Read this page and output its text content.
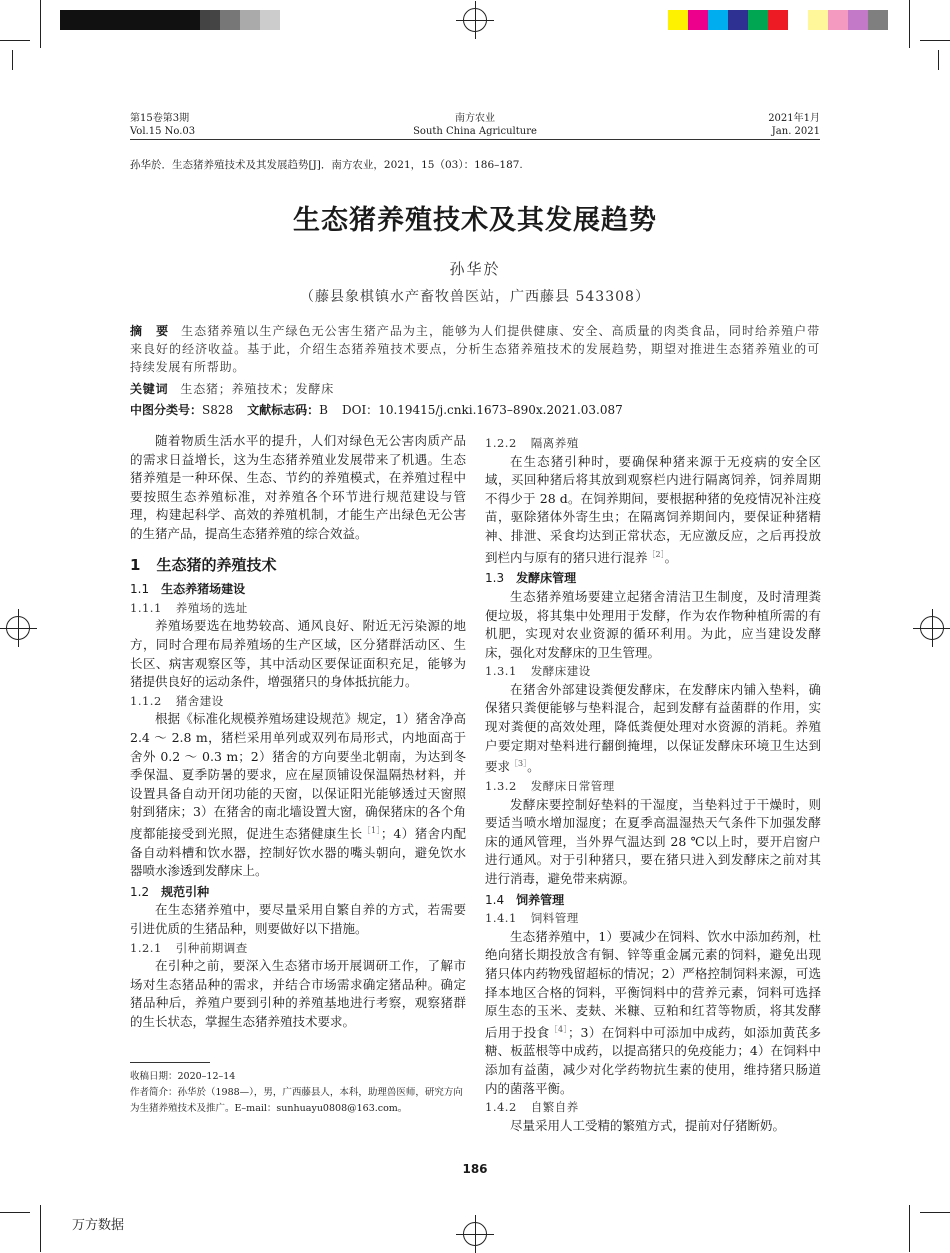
第15卷第3期
Vol.15 No.03
南方农业
South China Agriculture
2021年1月
Jan. 2021
孙华於．生态猪养殖技术及其发展趋势[J]．南方农业，2021，15（03）：186–187.
生态猪养殖技术及其发展趋势
孙华於
（藤县象棋镇水产畜牧兽医站，广西藤县 543308）
摘　要 生态猪养殖以生产绿色无公害生猪产品为主，能够为人们提供健康、安全、高质量的肉类食品，同时给养殖户带来良好的经济收益。基于此，介绍生态猪养殖技术要点，分析生态猪养殖技术的发展趋势，期望对推进生态猪养殖业的可持续发展有所帮助。
关键词 生态猪；养殖技术；发酵床
中图分类号：S828 文献标志码：B DOI：10.19415/j.cnki.1673–890x.2021.03.087

随着物质生活水平的提升，人们对绿色无公害肉质产品的需求日益增长，这为生态猪养殖业发展带来了机遇。生态猪养殖是一种环保、生态、节约的养殖模式，在养殖过程中要按照生态养殖标准，对养殖各个环节进行规范建设与管理，构建起科学、高效的养殖机制，才能生产出绿色无公害的生猪产品，提高生态猪养殖的综合效益。

1 生态猪的养殖技术
1.1 生态养猪场建设
1.1.1 养殖场的选址

养殖场要选在地势较高、通风良好、附近无污染源的地方，同时合理布局养殖场的生产区域，区分猪群活动区、生长区、病害观察区等，其中活动区要保证面积充足，能够为猪提供良好的运动条件，增强猪只的身体抵抗能力。

1.1.2 猪舍建设

根据《标准化规模养殖场建设规范》规定，1）猪舍净高 2.4 ～ 2.8 m，猪栏采用单列或双列布局形式，内地面高于舍外 0.2 ～ 0.3 m；2）猪舍的方向要坐北朝南，为达到冬季保温、夏季防暑的要求，应在屋顶铺设保温隔热材料，并设置具备自动开闭功能的天窗，以保证阳光能够透过天窗照射到猪床；3）在猪舍的南北墙设置大窗，确保猪床的各个角度都能接受到光照，促进生态猪健康生长$^{[1]}$；4）猪舍内配备自动料槽和饮水器，控制好饮水器的嘴头朝向，避免饮水器喷水渗透到发酵床上。

1.2 规范引种

在生态猪养殖中，要尽量采用自繁自养的方式，若需要引进优质的生猪品种，则要做好以下措施。

1.2.1 引种前期调查

在引种之前，要深入生态猪市场开展调研工作，了解市场对生态猪品种的需求，并结合市场需求确定猪品种。确定猪品种后，养殖户要到引种的养殖基地进行考察，观察猪群的生长状态，掌握生态猪养殖技术要求。

收稿日期：2020–12–14
作者简介：孙华於（1988—），男，广西藤县人，本科，助理兽医师，研究方向为生猪养殖技术及推广。E–mail：sunhuayu0808@163.com。
1.2.2 隔离养殖

在生态猪引种时，要确保种猪来源于无疫病的安全区域，买回种猪后将其放到观察栏内进行隔离饲养，饲养周期不得少于 28 d。在饲养期间，要根据种猪的免疫情况补注疫苗，驱除猪体外寄生虫；在隔离饲养期间内，要保证种猪精神、排泄、采食均达到正常状态，无应激反应，之后再投放到栏内与原有的猪只进行混养$^{[2]}$。

1.3 发酵床管理

生态猪养殖场要建立起猪舍清洁卫生制度，及时清理粪便垃圾，将其集中处理用于发酵，作为农作物种植所需的有机肥，实现对农业资源的循环利用。为此，应当建设发酵床，强化对发酵床的卫生管理。

1.3.1 发酵床建设

在猪舍外部建设粪便发酵床，在发酵床内铺入垫料，确保猪只粪便能够与垫料混合，起到发酵有益菌群的作用，实现对粪便的高效处理，降低粪便处理对水资源的消耗。养殖户要定期对垫料进行翻倒掩埋，以保证发酵床环境卫生达到要求$^{[3]}$。

1.3.2 发酵床日常管理

发酵床要控制好垫料的干湿度，当垫料过于干燥时，则要适当喷水增加湿度；在夏季高温湿热天气条件下加强发酵床的通风管理，当外界气温达到 28 ℃以上时，要开启窗户进行通风。对于引种猪只，要在猪只进入到发酵床之前对其进行消毒，避免带来病源。

1.4 饲养管理
1.4.1 饲料管理

生态猪养殖中，1）要减少在饲料、饮水中添加药剂，杜绝向猪长期投放含有铜、锌等重金属元素的饲料，避免出现猪只体内药物残留超标的情况；2）严格控制饲料来源，可选择本地区合格的饲料，平衡饲料中的营养元素，饲料可选择原生态的玉米、麦麸、米糠、豆粕和红苕等物质，将其发酵后用于投食$^{[4]}$；3）在饲料中可添加中成药，如添加黄芪多糖、板蓝根等中成药，以提高猪只的免疫能力；4）在饲料中添加有益菌，减少对化学药物抗生素的使用，维持猪只肠道内的菌落平衡。

1.4.2 自繁自养

尽量采用人工受精的繁殖方式，提前对仔猪断奶。

186
万方数据
